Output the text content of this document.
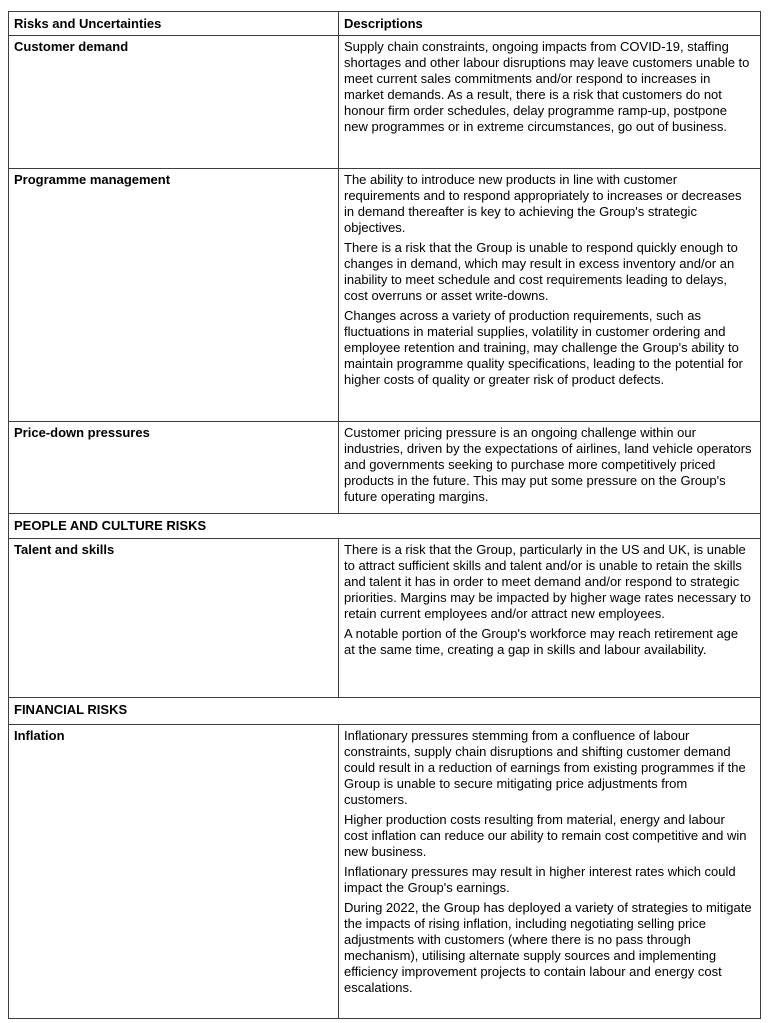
Risks and Uncertainties	Descriptions
Customer demand	Supply chain constraints, ongoing impacts from COVID-19, staffing shortages and other labour disruptions may leave customers unable to meet current sales commitments and/or respond to increases in market demands. As a result, there is a risk that customers do not honour firm order schedules, delay programme ramp-up, postpone new programmes or in extreme circumstances, go out of business.

Programme management	The ability to introduce new products in line with customer requirements and to respond appropriately to increases or decreases in demand thereafter is key to achieving the Group's strategic objectives.

There is a risk that the Group is unable to respond quickly enough to changes in demand, which may result in excess inventory and/or an inability to meet schedule and cost requirements leading to delays, cost overruns or asset write-downs.

Changes across a variety of production requirements, such as fluctuations in material supplies, volatility in customer ordering and employee retention and training, may challenge the Group's ability to maintain programme quality specifications, leading to the potential for higher costs of quality or greater risk of product defects.

Price-down pressures	Customer pricing pressure is an ongoing challenge within our industries, driven by the expectations of airlines, land vehicle operators and governments seeking to purchase more competitively priced products in the future. This may put some pressure on the Group's future operating margins.

PEOPLE AND CULTURE RISKS	
Talent and skills	There is a risk that the Group, particularly in the US and UK, is unable to attract sufficient skills and talent and/or is unable to retain the skills and talent it has in order to meet demand and/or respond to strategic priorities. Margins may be impacted by higher wage rates necessary to retain current employees and/or attract new employees.

A notable portion of the Group's workforce may reach retirement age at the same time, creating a gap in skills and labour availability.

FINANCIAL RISKS	
Inflation	Inflationary pressures stemming from a confluence of labour constraints, supply chain disruptions and shifting customer demand could result in a reduction of earnings from existing programmes if the Group is unable to secure mitigating price adjustments from customers.

Higher production costs resulting from material, energy and labour cost inflation can reduce our ability to remain cost competitive and win new business.

Inflationary pressures may result in higher interest rates which could impact the Group's earnings.

During 2022, the Group has deployed a variety of strategies to mitigate the impacts of rising inflation, including negotiating selling price adjustments with customers (where there is no pass through mechanism), utilising alternate supply sources and implementing efficiency improvement projects to contain labour and energy cost escalations.
